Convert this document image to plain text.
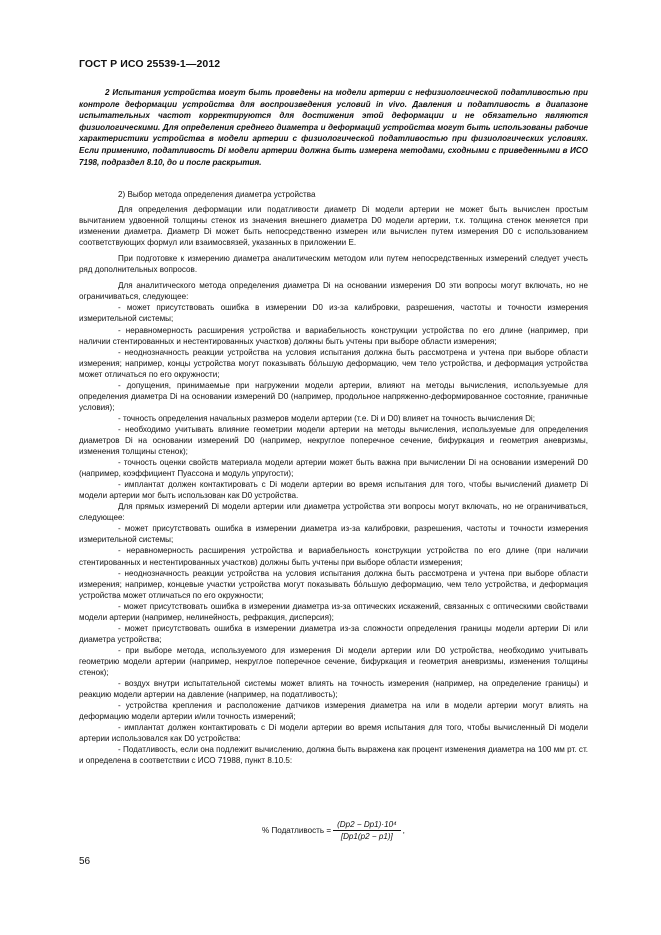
ГОСТ Р ИСО 25539-1—2012
2 Испытания устройства могут быть проведены на модели артерии с нефизиологической податливостью при контроле деформации устройства для воспроизведения условий in vivo. Давления и податливость в диапазоне испытательных частот корректируются для достижения этой деформации и не обязательно являются физиологическими. Для определения среднего диаметра и деформаций устройства могут быть использованы рабочие характеристики устройства в модели артерии с физиологической податливостью при физиологических условиях. Если применимо, податливость Di модели артерии должна быть измерена методами, сходными с приведенными в ИСО 7198, подраздел 8.10, до и после раскрытия.

2) Выбор метода определения диаметра устройства

Для определения деформации или податливости диаметр Di модели артерии не может быть вычислен простым вычитанием удвоенной толщины стенок из значения внешнего диаметра D0 модели артерии, т.к. толщина стенок меняется при изменении диаметра. Диаметр Di может быть непосредственно измерен или вычислен путем измерения D0 с использованием соответствующих формул или взаимосвязей, указанных в приложении Е.

При подготовке к измерению диаметра аналитическим методом или путем непосредственных измерений следует учесть ряд дополнительных вопросов.

Для аналитического метода определения диаметра Di на основании измерения D0 эти вопросы могут включать, но не ограничиваться, следующее:

- может присутствовать ошибка в измерении D0 из-за калибровки, разрешения, частоты и точности измерения измерительной системы;

- неравномерность расширения устройства и вариабельность конструкции устройства по его длине (например, при наличии стентированных и нестентированных участков) должны быть учтены при выборе области измерения;

- неоднозначность реакции устройства на условия испытания должна быть рассмотрена и учтена при выборе области измерения; например, концы устройства могут показывать бόльшую деформацию, чем тело устройства, и деформация устройства может отличаться по его окружности;

- допущения, принимаемые при нагружении модели артерии, влияют на методы вычисления, используемые для определения диаметра Di на основании измерений D0 (например, продольное напряженно-деформированное состояние, граничные условия);

- точность определения начальных размеров модели артерии (т.е. Di и D0) влияет на точность вычисления Di;

- необходимо учитывать влияние геометрии модели артерии на методы вычисления, используемые для определения диаметров Di на основании измерений D0 (например, некруглое поперечное сечение, бифуркация и геометрия аневризмы, изменения толщины стенок);

- точность оценки свойств материала модели артерии может быть важна при вычислении Di на основании измерений D0 (например, коэффициент Пуассона и модуль упругости);

- имплантат должен контактировать с Di модели артерии во время испытания для того, чтобы вычислений диаметр Di модели артерии мог быть использован как D0 устройства.

Для прямых измерений Di модели артерии или диаметра устройства эти вопросы могут включать, но не ограничиваться, следующее:

- может присутствовать ошибка в измерении диаметра из-за калибровки, разрешения, частоты и точности измерения измерительной системы;

- неравномерность расширения устройства и вариабельность конструкции устройства по его длине (при наличии стентированных и нестентированных участков) должны быть учтены при выборе области измерения;

- неоднозначность реакции устройства на условия испытания должна быть рассмотрена и учтена при выборе области измерения; например, концевые участки устройства могут показывать бόльшую деформацию, чем тело устройства, и деформация устройства может отличаться по его окружности;

- может присутствовать ошибка в измерении диаметра из-за оптических искажений, связанных с оптическими свойствами модели артерии (например, нелинейность, рефракция, дисперсия);

- может присутствовать ошибка в измерении диаметра из-за сложности определения границы модели артерии Di или диаметра устройства;

- при выборе метода, используемого для измерения Di модели артерии или D0 устройства, необходимо учитывать геометрию модели артерии (например, некруглое поперечное сечение, бифуркация и геометрия аневризмы, изменения толщины стенок);

- воздух внутри испытательной системы может влиять на точность измерения (например, на определение границы) и реакцию модели артерии на давление (например, на податливость);

- устройства крепления и расположение датчиков измерения диаметра на или в модели артерии могут влиять на деформацию модели артерии и/или точность измерений;

- имплантат должен контактировать с Di модели артерии во время испытания для того, чтобы вычисленный Di модели артерии использовался как D0 устройства:

- Податливость, если она подлежит вычислению, должна быть выражена как процент изменения диаметра на 100 мм рт. ст. и определена в соответствии с ИСО 71988, пункт 8.10.5:

% Податливость = $\frac{\text{(Dp2 − Dp1)·10⁴}}{[Dp1(p2 - p1)]}$ ,
56
